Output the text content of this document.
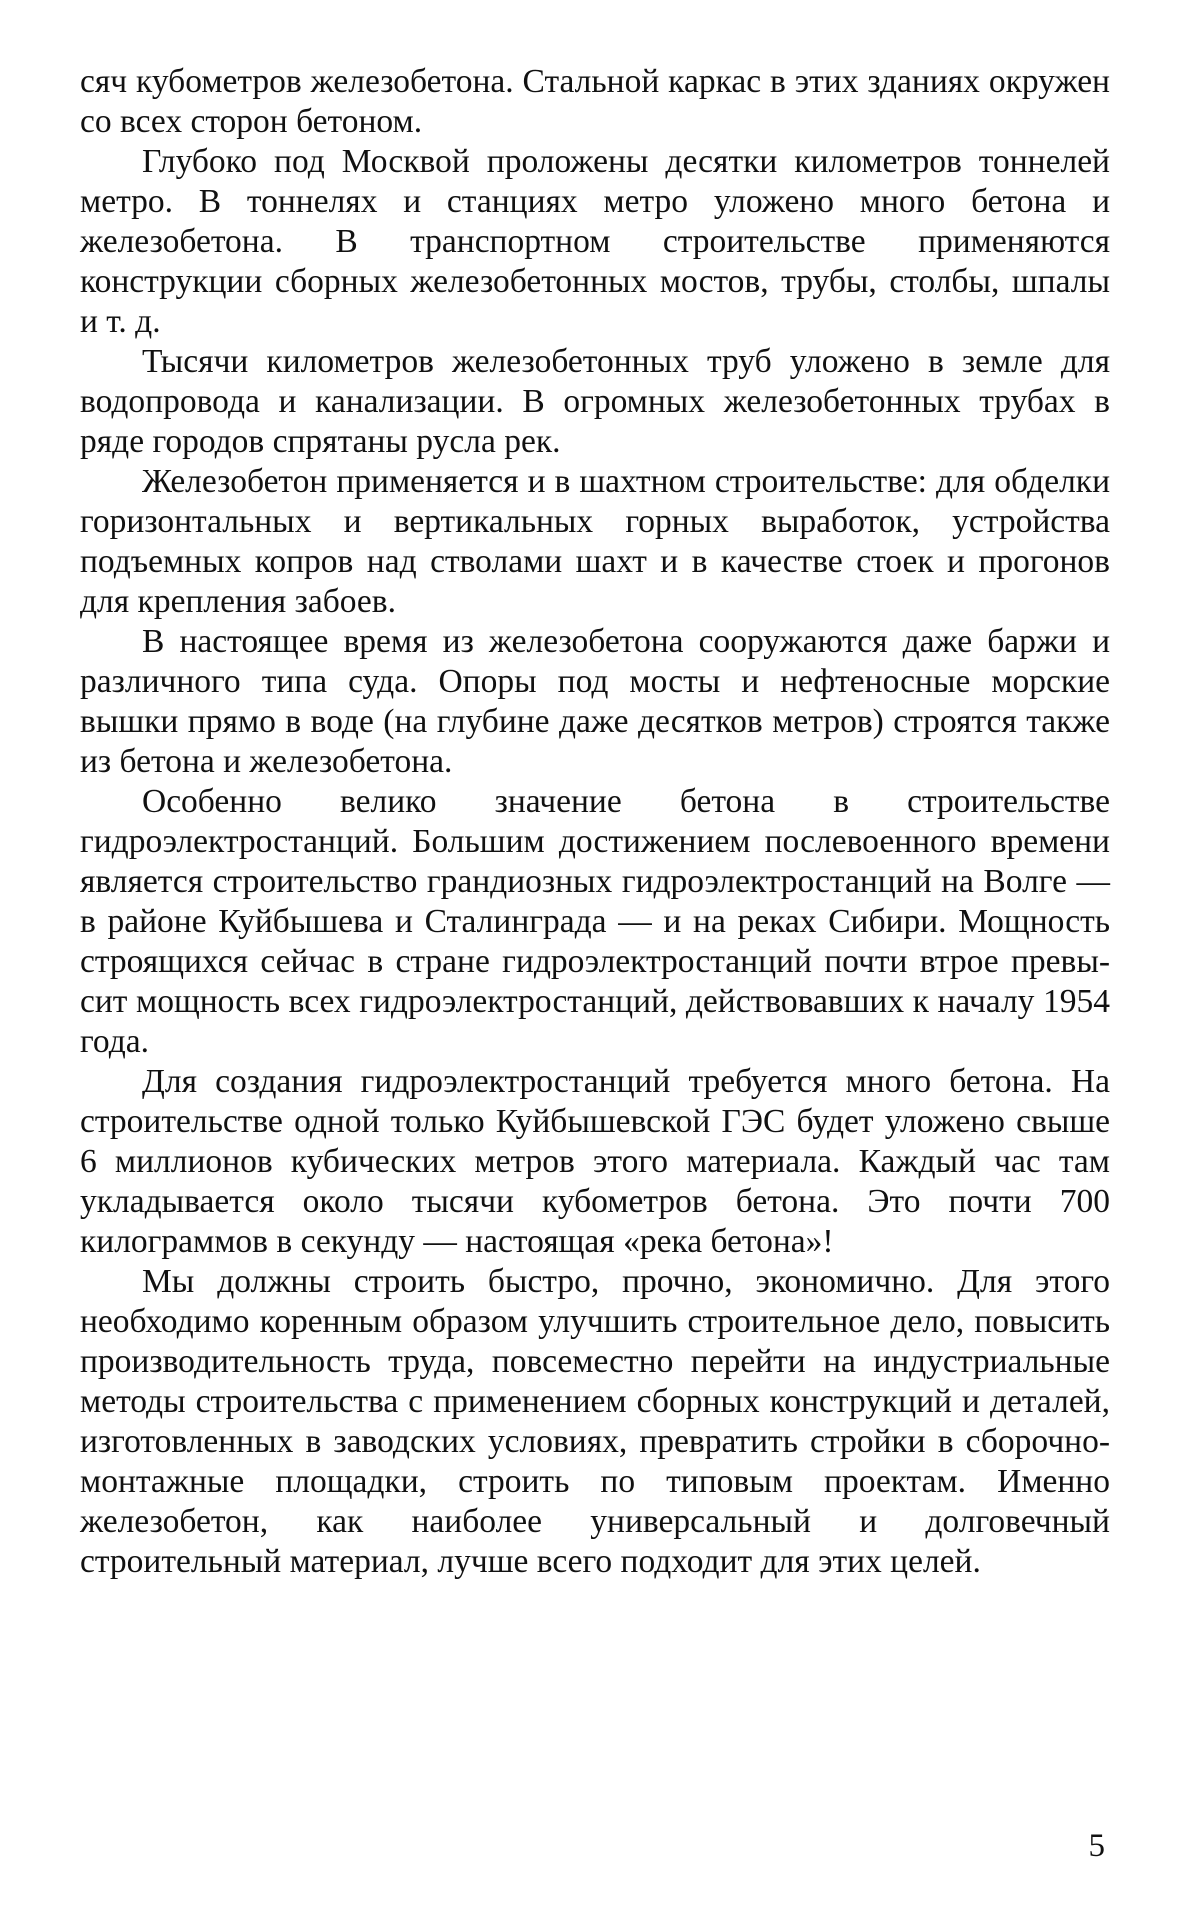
сяч кубометров железобетона. Стальной каркас в этих зданиях окружен со всех сторон бетоном.

Глубоко под Москвой проложены десятки километров тоннелей метро. В тоннелях и станциях метро уложено много бетона и железобетона. В транспортном строительстве применяются конструкции сборных железобетонных мостов, трубы, столбы, шпалы и т. д.

Тысячи километров железобетонных труб уложено в земле для водопровода и канализации. В огромных железобетонных трубах в ряде городов спрятаны русла рек.

Железобетон применяется и в шахтном строительстве: для обделки горизонтальных и вертикальных горных выработок, устройства подъемных копров над стволами шахт и в качестве стоек и прогонов для крепления забоев.

В настоящее время из железобетона сооружаются даже баржи и различного типа суда. Опоры под мосты и нефтеносные морские вышки прямо в воде (на глубине даже десятков метров) строятся также из бетона и железобетона.

Особенно велико значение бетона в строительстве гидроэлектростанций. Большим достижением послевоенного времени является строительство грандиозных гидроэлектростанций на Волге — в районе Куйбышева и Сталинграда — и на реках Сибири. Мощность строящихся сейчас в стране гидроэлектростанций почти втрое превысит мощность всех гидроэлектростанций, действовавших к началу 1954 года.

Для создания гидроэлектростанций требуется много бетона. На строительстве одной только Куйбышевской ГЭС будет уложено свыше 6 миллионов кубических метров этого материала. Каждый час там укладывается около тысячи кубометров бетона. Это почти 700 килограммов в секунду — настоящая «река бетона»!

Мы должны строить быстро, прочно, экономично. Для этого необходимо коренным образом улучшить строительное дело, повысить производительность труда, повсеместно перейти на индустриальные методы строительства с применением сборных конструкций и деталей, изготовленных в заводских условиях, превратить стройки в сборочно-монтажные площадки, строить по типовым проектам. Именно железобетон, как наиболее универсальный и долговечный строительный материал, лучше всего подходит для этих целей.

5
